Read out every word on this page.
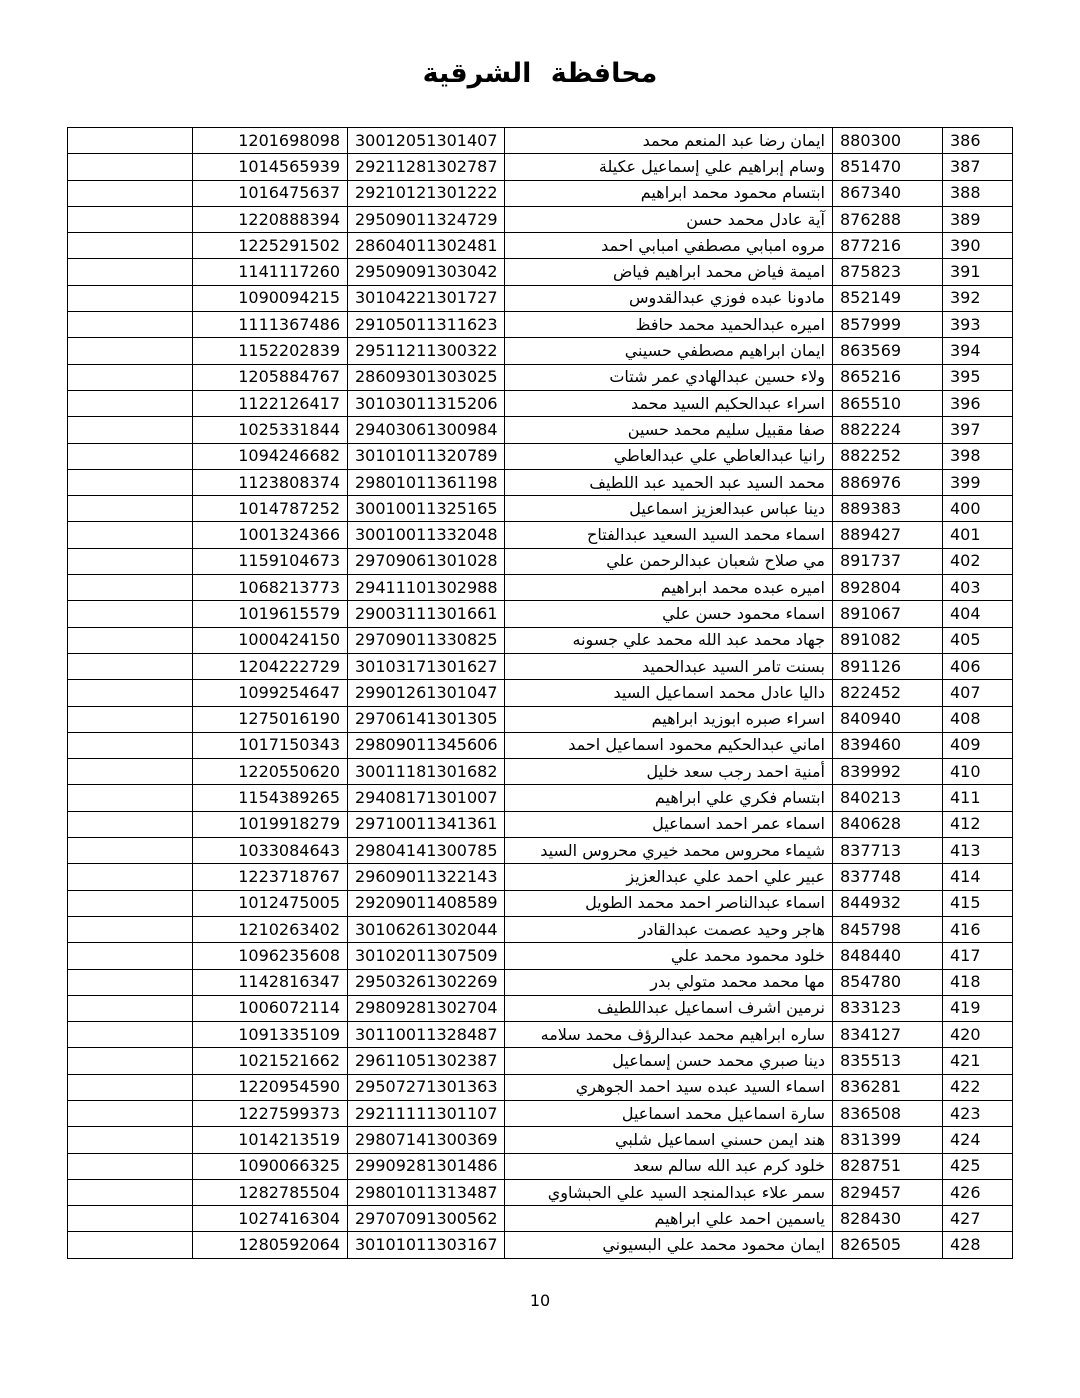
محافظة الشرقية
	1201698098	30012051301407	ايمان رضا عبد المنعم محمد	880300	386
	1014565939	29211281302787	وسام إبراهيم علي إسماعيل عكيلة	851470	387
	1016475637	29210121301222	ابتسام محمود محمد ابراهيم	867340	388
	1220888394	29509011324729	آية عادل محمد حسن	876288	389
	1225291502	28604011302481	مروه امبابي مصطفي امبابي احمد	877216	390
	1141117260	29509091303042	اميمة فياض محمد ابراهيم فياض	875823	391
	1090094215	30104221301727	مادونا عبده فوزي عبدالقدوس	852149	392
	1111367486	29105011311623	اميره عبدالحميد محمد حافظ	857999	393
	1152202839	29511211300322	ايمان ابراهيم مصطفي حسيني	863569	394
	1205884767	28609301303025	ولاء حسين عبدالهادي عمر شتات	865216	395
	1122126417	30103011315206	اسراء عبدالحكيم السيد محمد	865510	396
	1025331844	29403061300984	صفا مقبيل سليم محمد حسين	882224	397
	1094246682	30101011320789	رانيا عبدالعاطي علي عبدالعاطي	882252	398
	1123808374	29801011361198	محمد السيد عبد الحميد عبد اللطيف	886976	399
	1014787252	30010011325165	دينا عباس عبدالعزيز اسماعيل	889383	400
	1001324366	30010011332048	اسماء محمد السيد السعيد عبدالفتاح	889427	401
	1159104673	29709061301028	مي صلاح شعبان عبدالرحمن علي	891737	402
	1068213773	29411101302988	اميره عبده محمد ابراهيم	892804	403
	1019615579	29003111301661	اسماء محمود حسن علي	891067	404
	1000424150	29709011330825	جهاد محمد عبد الله محمد علي جسونه	891082	405
	1204222729	30103171301627	بسنت تامر السيد عبدالحميد	891126	406
	1099254647	29901261301047	داليا عادل محمد اسماعيل السيد	822452	407
	1275016190	29706141301305	اسراء صبره ابوزيد ابراهيم	840940	408
	1017150343	29809011345606	اماني عبدالحكيم محمود اسماعيل احمد	839460	409
	1220550620	30011181301682	أمنية احمد رجب سعد خليل	839992	410
	1154389265	29408171301007	ابتسام فكري علي ابراهيم	840213	411
	1019918279	29710011341361	اسماء عمر احمد اسماعيل	840628	412
	1033084643	29804141300785	شيماء محروس محمد خيري محروس السيد	837713	413
	1223718767	29609011322143	عبير علي احمد علي عبدالعزيز	837748	414
	1012475005	29209011408589	اسماء عبدالناصر احمد محمد الطويل	844932	415
	1210263402	30106261302044	هاجر وحيد عصمت عبدالقادر	845798	416
	1096235608	30102011307509	خلود محمود محمد علي	848440	417
	1142816347	29503261302269	مها محمد محمد متولي بدر	854780	418
	1006072114	29809281302704	نرمين اشرف اسماعيل عبداللطيف	833123	419
	1091335109	30110011328487	ساره ابراهيم محمد عبدالرؤف محمد سلامه	834127	420
	1021521662	29611051302387	دينا صبري محمد حسن إسماعيل	835513	421
	1220954590	29507271301363	اسماء السيد عبده سيد احمد الجوهري	836281	422
	1227599373	29211111301107	سارة اسماعيل محمد اسماعيل	836508	423
	1014213519	29807141300369	هند ايمن حسني اسماعيل شلبي	831399	424
	1090066325	29909281301486	خلود كرم عبد الله سالم سعد	828751	425
	1282785504	29801011313487	سمر علاء عبدالمنجد السيد علي الحبشاوي	829457	426
	1027416304	29707091300562	ياسمين احمد علي ابراهيم	828430	427
	1280592064	30101011303167	ايمان محمود محمد علي البسيوني	826505	428
10
